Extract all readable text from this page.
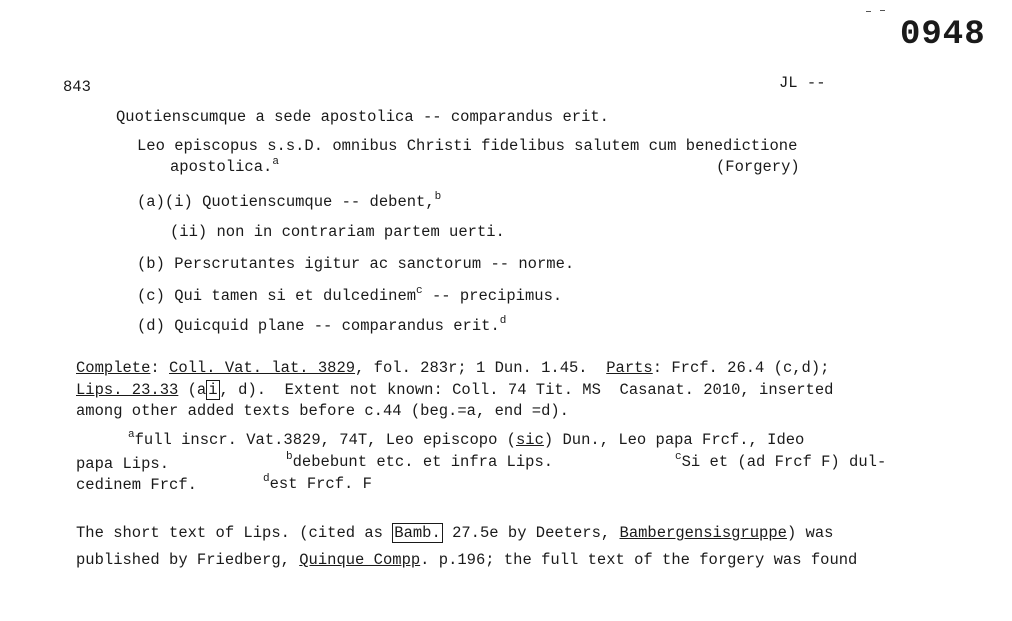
0948
843	JL --
Quotienscumque a sede apostolica -- comparandus erit.
Leo episcopus s.s.D. omnibus Christi fidelibus salutem cum benedictione
apostolica.$^a$	(Forgery)
(a)(i) Quotienscumque -- debent,$^b$
(ii) non in contrariam partem uerti.
(b) Perscrutantes igitur ac sanctorum -- norme.
(c) Qui tamen si et dulcedinem$^c$ -- precipimus.
(d) Quicquid plane -- comparandus erit.$^d$
Complete: Coll. Vat. lat. 3829, fol. 283r; 1 Dun. 1.45. Parts: Frcf. 26.4 (c,d);
Lips. 23.33 (a i , d).  Extent not known: Coll. 74 Tit. MS  Casanat. 2010, inserted
among other added texts before c.44 (beg.=a, end =d).
$^a$full inscr. Vat.3829, 74T, Leo episcopo (sic) Dun., Leo papa Frcf., Ideo
papa Lips.	$^b$debebunt etc. et infra Lips.	$^c$Si et (ad Frcf F) dul-
cedinem Frcf.	$^d$est Frcf. F
The short text of Lips. (cited as Bamb. 27.5e by Deeters, Bambergensisgruppe) was
published by Friedberg, Quinque Compp. p.196; the full text of the forgery was found
